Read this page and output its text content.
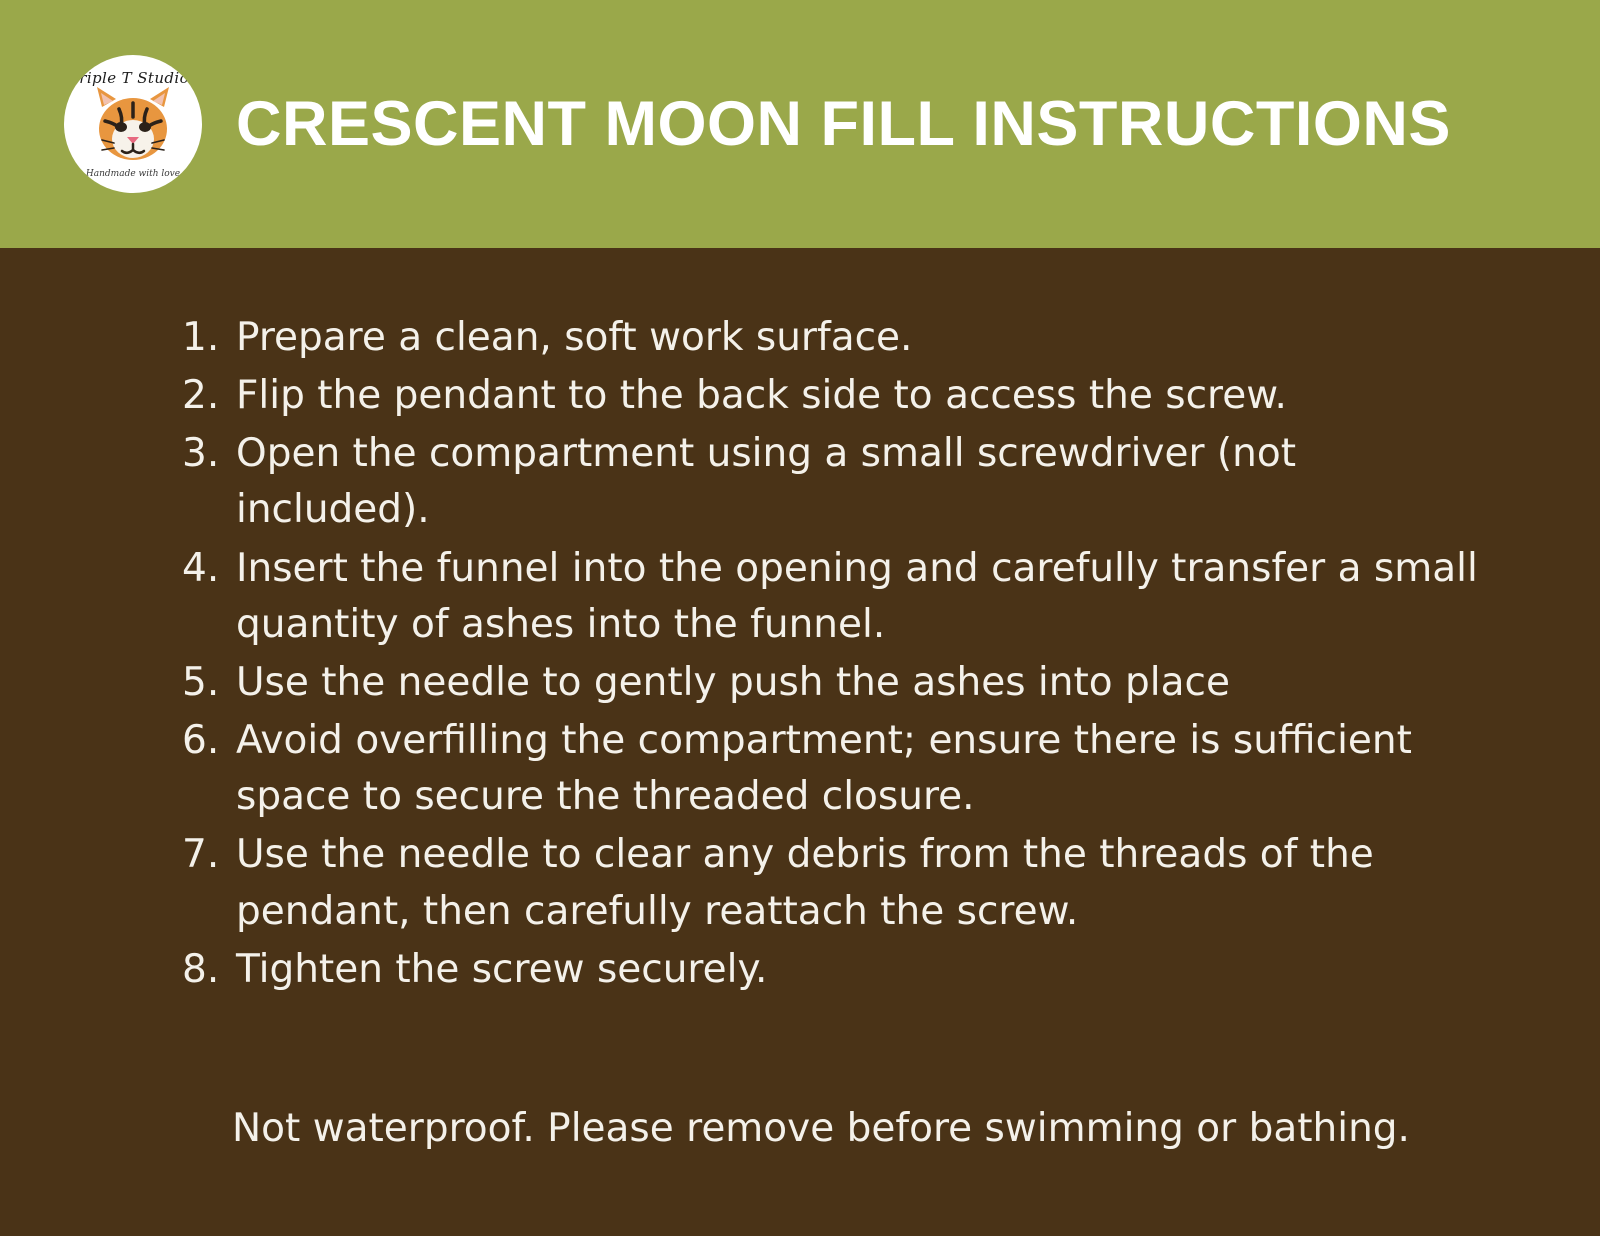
Triple T Studios
Handmade with love
CRESCENT MOON FILL INSTRUCTIONS
Prepare a clean, soft work surface.
Flip the pendant to the back side to access the screw.
Open the compartment using a small screwdriver (not included).
Insert the funnel into the opening and carefully transfer a small quantity of ashes into the funnel.
Use the needle to gently push the ashes into place
Avoid overfilling the compartment; ensure there is sufficient space to secure the threaded closure.
Use the needle to clear any debris from the threads of the pendant, then carefully reattach the screw.
Tighten the screw securely.
Not waterproof. Please remove before swimming or bathing.
